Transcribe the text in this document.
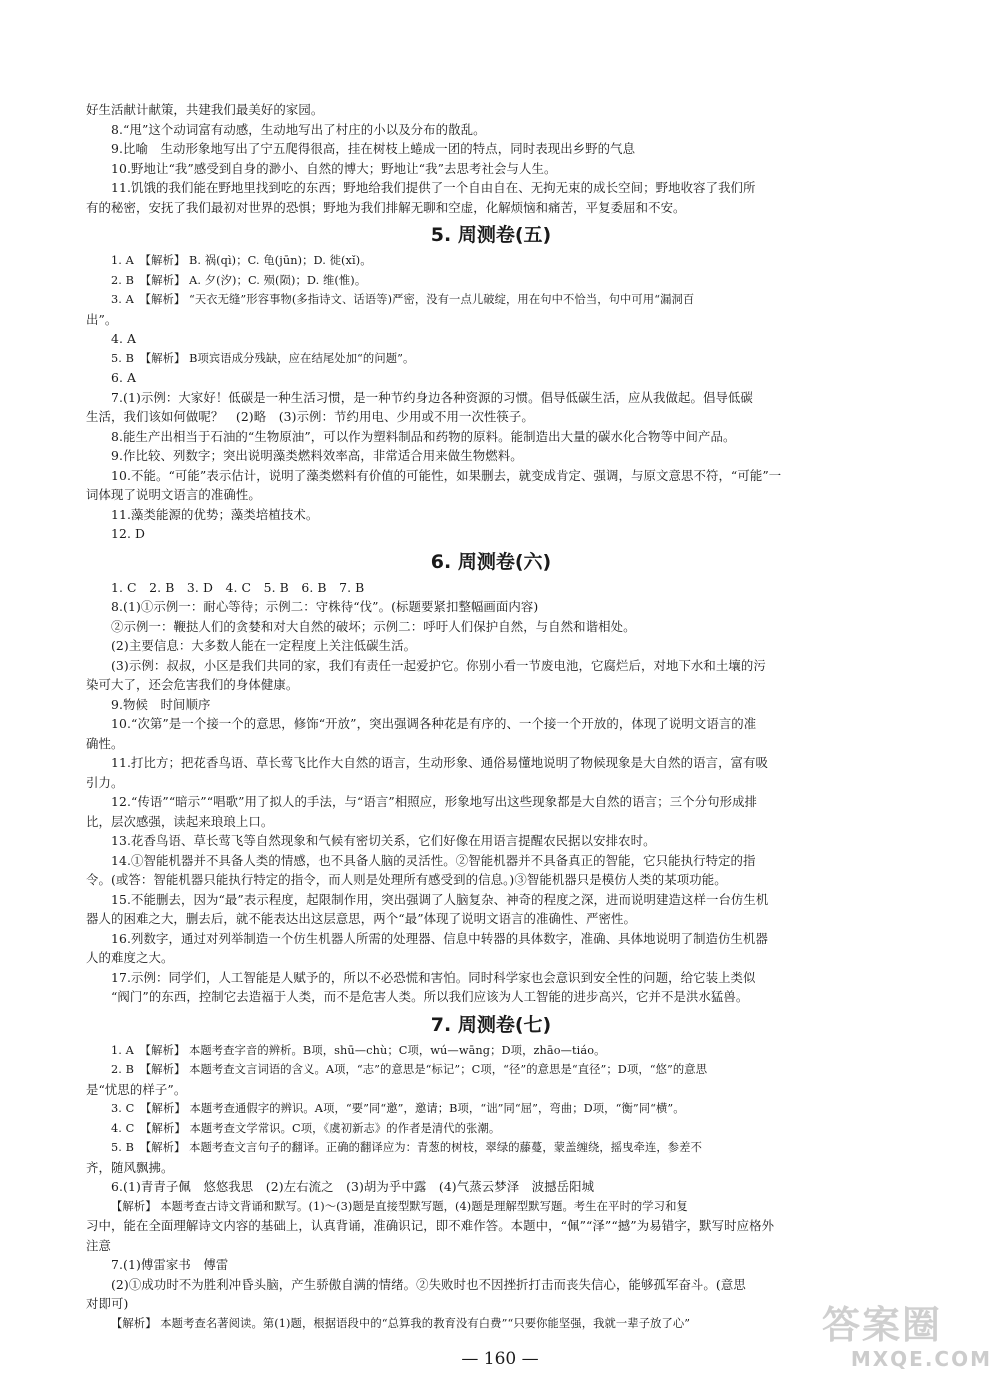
好生活献计献策，共建我们最美好的家园。
8.“甩”这个动词富有动感，生动地写出了村庄的小以及分布的散乱。
9.比喻　生动形象地写出了宁五爬得很高，挂在树枝上蜷成一团的特点，同时表现出乡野的气息
10.野地让“我”感受到自身的渺小、自然的博大；野地让“我”去思考社会与人生。
11.饥饿的我们能在野地里找到吃的东西；野地给我们提供了一个自由自在、无拘无束的成长空间；野地收容了我们所
有的秘密，安抚了我们最初对世界的恐惧；野地为我们排解无聊和空虚，化解烦恼和痛苦，平复委屈和不安。
5. 周测卷(五)
1. A　【解析】 B. 祸(qì)；C. 龟(jūn)；D. 徙(xǐ)。
2. B　【解析】 A. 夕(汐)；C. 殒(陨)；D. 维(惟)。
3. A　【解析】 “天衣无缝”形容事物(多指诗文、话语等)严密，没有一点儿破绽，用在句中不恰当，句中可用“漏洞百
出”。
4. A
5. B　【解析】 B项宾语成分残缺，应在结尾处加“的问题”。
6. A
7.(1)示例：大家好！低碳是一种生活习惯，是一种节约身边各种资源的习惯。倡导低碳生活，应从我做起。倡导低碳
生活，我们该如何做呢？　(2)略　(3)示例：节约用电、少用或不用一次性筷子。
8.能生产出相当于石油的“生物原油”，可以作为塑料制品和药物的原料。能制造出大量的碳水化合物等中间产品。
9.作比较、列数字；突出说明藻类燃料效率高，非常适合用来做生物燃料。
10.不能。“可能”表示估计，说明了藻类燃料有价值的可能性，如果删去，就变成肯定、强调，与原文意思不符，“可能”一
词体现了说明文语言的准确性。
11.藻类能源的优势；藻类培植技术。
12. D
6. 周测卷(六)
1. C　2. B　3. D　4. C　5. B　6. B　7. B
8.(1)①示例一：耐心等待；示例二：守株待“伐”。(标题要紧扣整幅画面内容)
②示例一：鞭挞人们的贪婪和对大自然的破坏；示例二：呼吁人们保护自然，与自然和谐相处。
(2)主要信息：大多数人能在一定程度上关注低碳生活。
(3)示例：叔叔，小区是我们共同的家，我们有责任一起爱护它。你别小看一节废电池，它腐烂后，对地下水和土壤的污
染可大了，还会危害我们的身体健康。
9.物候　时间顺序
10.“次第”是一个接一个的意思，修饰“开放”，突出强调各种花是有序的、一个接一个开放的，体现了说明文语言的准
确性。
11.打比方；把花香鸟语、草长莺飞比作大自然的语言，生动形象、通俗易懂地说明了物候现象是大自然的语言，富有吸
引力。
12.“传语”“暗示”“唱歌”用了拟人的手法，与“语言”相照应，形象地写出这些现象都是大自然的语言；三个分句形成排
比，层次感强，读起来琅琅上口。
13.花香鸟语、草长莺飞等自然现象和气候有密切关系，它们好像在用语言提醒农民据以安排农时。
14.①智能机器并不具备人类的情感，也不具备人脑的灵活性。②智能机器并不具备真正的智能，它只能执行特定的指
令。(或答：智能机器只能执行特定的指令，而人则是处理所有感受到的信息。)③智能机器只是模仿人类的某项功能。
15.不能删去，因为“最”表示程度，起限制作用，突出强调了人脑复杂、神奇的程度之深，进而说明建造这样一台仿生机
器人的困难之大，删去后，就不能表达出这层意思，两个“最”体现了说明文语言的准确性、严密性。
16.列数字，通过对列举制造一个仿生机器人所需的处理器、信息中转器的具体数字，准确、具体地说明了制造仿生机器
人的难度之大。
17.示例：同学们，人工智能是人赋予的，所以不必恐慌和害怕。同时科学家也会意识到安全性的问题，给它装上类似
“阀门”的东西，控制它去造福于人类，而不是危害人类。所以我们应该为人工智能的进步高兴，它并不是洪水猛兽。
7. 周测卷(七)
1. A　【解析】 本题考查字音的辨析。B项，shū—chù；C项，wú—wāng；D项，zhāo—tiáo。
2. B　【解析】 本题考查文言词语的含义。A项，“志”的意思是“标记”；C项，“径”的意思是“直径”；D项，“悠”的意思
是“忧思的样子”。
3. C　【解析】 本题考查通假字的辨识。A项，“要”同“邀”，邀请；B项，“诎”同“屈”，弯曲；D项，“衡”同“横”。
4. C　【解析】 本题考查文学常识。C项，《虞初新志》的作者是清代的张潮。
5. B　【解析】 本题考查文言句子的翻译。正确的翻译应为：青葱的树枝，翠绿的藤蔓，蒙盖缠绕，摇曳牵连，参差不
齐，随风飘拂。
6.(1)青青子佩　悠悠我思　(2)左右流之　(3)胡为乎中露　(4)气蒸云梦泽　波撼岳阳城
【解析】 本题考查古诗文背诵和默写。(1)～(3)题是直接型默写题，(4)题是理解型默写题。考生在平时的学习和复
习中，能在全面理解诗文内容的基础上，认真背诵，准确识记，即不难作答。本题中，“佩”“泽”“撼”为易错字，默写时应格外
注意
7.(1)傅雷家书　傅雷
(2)①成功时不为胜利冲昏头脑，产生骄傲自满的情绪。②失败时也不因挫折打击而丧失信心，能够孤军奋斗。(意思
对即可)
【解析】 本题考查名著阅读。第(1)题，根据语段中的“总算我的教育没有白费”“只要你能坚强，我就一辈子放了心”
— 160 —
答案圈
MXQE.COM
